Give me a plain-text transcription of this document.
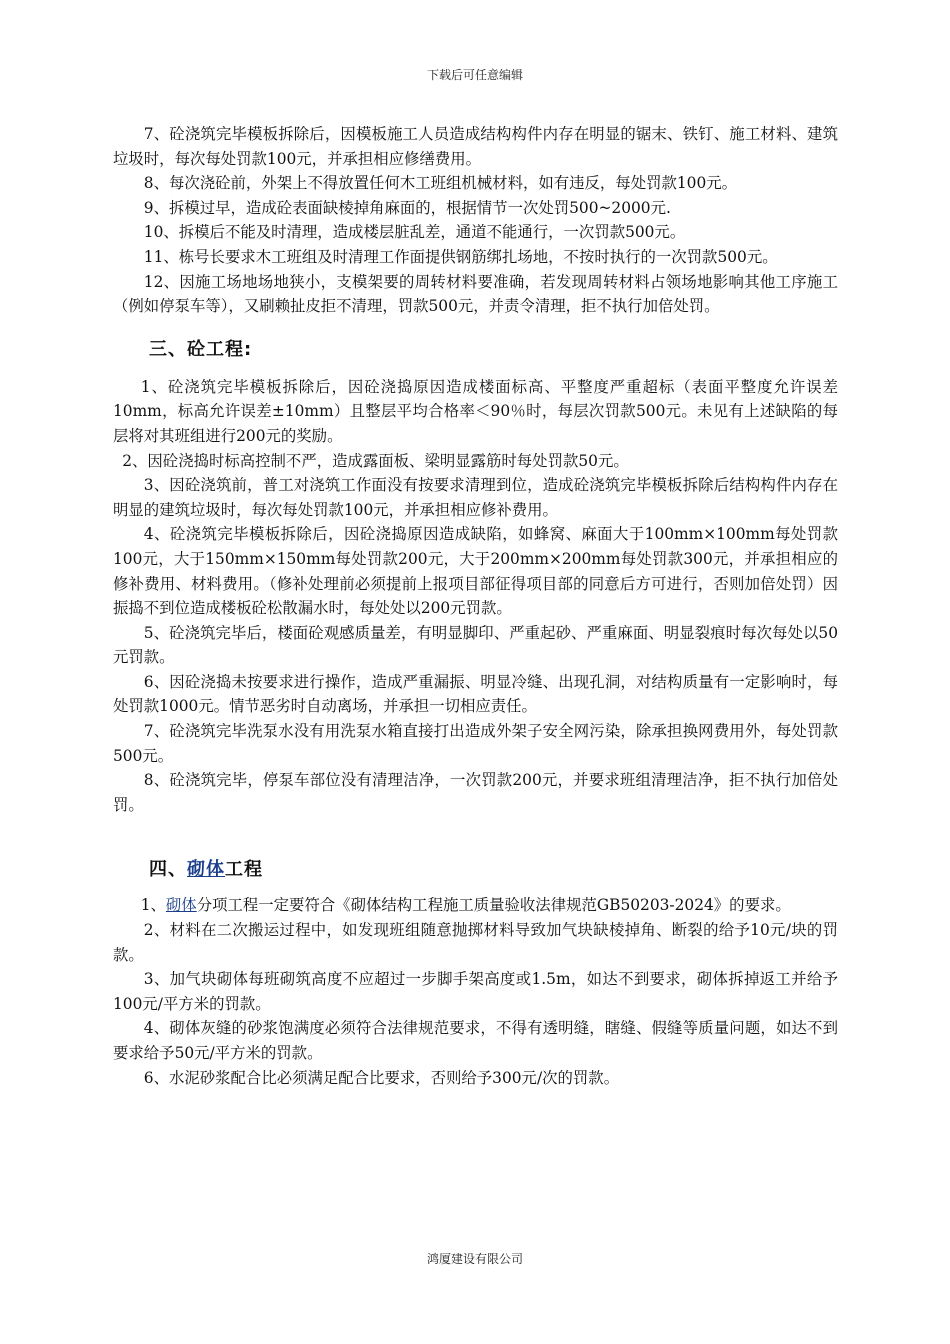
下载后可任意编辑

7、砼浇筑完毕模板拆除后，因模板施工人员造成结构构件内存在明显的锯末、铁钉、施工材料、建筑垃圾时，每次每处罚款100元，并承担相应修缮费用。

8、每次浇砼前，外架上不得放置任何木工班组机械材料，如有违反，每处罚款100元。

9、拆模过早，造成砼表面缺棱掉角麻面的，根据情节一次处罚500~2000元.

10、拆模后不能及时清理，造成楼层脏乱差，通道不能通行，一次罚款500元。

11、栋号长要求木工班组及时清理工作面提供钢筋绑扎场地，不按时执行的一次罚款500元。

12、因施工场地场地狭小，支模架要的周转材料要准确，若发现周转材料占领场地影响其他工序施工（例如停泵车等），又刷赖扯皮拒不清理，罚款500元，并责令清理，拒不执行加倍处罚。

三、砼工程:

1、砼浇筑完毕模板拆除后，因砼浇捣原因造成楼面标高、平整度严重超标（表面平整度允许误差10mm，标高允许误差±10mm）且整层平均合格率＜90％时，每层次罚款500元。未见有上述缺陷的每层将对其班组进行200元的奖励。

2、因砼浇捣时标高控制不严，造成露面板、梁明显露筋时每处罚款50元。

3、因砼浇筑前，普工对浇筑工作面没有按要求清理到位，造成砼浇筑完毕模板拆除后结构构件内存在明显的建筑垃圾时，每次每处罚款100元，并承担相应修补费用。

4、砼浇筑完毕模板拆除后，因砼浇捣原因造成缺陷，如蜂窝、麻面大于100mm×100mm每处罚款100元，大于150mm×150mm每处罚款200元，大于200mm×200mm每处罚款300元，并承担相应的修补费用、材料费用。（修补处理前必须提前上报项目部征得项目部的同意后方可进行，否则加倍处罚）因振捣不到位造成楼板砼松散漏水时，每处处以200元罚款。

5、砼浇筑完毕后，楼面砼观感质量差，有明显脚印、严重起砂、严重麻面、明显裂痕时每次每处以50元罚款。

6、因砼浇捣未按要求进行操作，造成严重漏振、明显冷缝、出现孔洞，对结构质量有一定影响时，每处罚款1000元。情节恶劣时自动离场，并承担一切相应责任。

7、砼浇筑完毕洗泵水没有用洗泵水箱直接打出造成外架子安全网污染，除承担换网费用外，每处罚款500元。

8、砼浇筑完毕，停泵车部位没有清理洁净，一次罚款200元，并要求班组清理洁净，拒不执行加倍处罚。

四、砌体工程

1、砌体分项工程一定要符合《砌体结构工程施工质量验收法律规范GB50203-2024》的要求。

2、材料在二次搬运过程中，如发现班组随意抛掷材料导致加气块缺棱掉角、断裂的给予10元/块的罚款。

3、加气块砌体每班砌筑高度不应超过一步脚手架高度或1.5m，如达不到要求，砌体拆掉返工并给予100元/平方米的罚款。

4、砌体灰缝的砂浆饱满度必须符合法律规范要求，不得有透明缝，瞎缝、假缝等质量问题，如达不到要求给予50元/平方米的罚款。

6、水泥砂浆配合比必须满足配合比要求，否则给予300元/次的罚款。

鸿厦建设有限公司
